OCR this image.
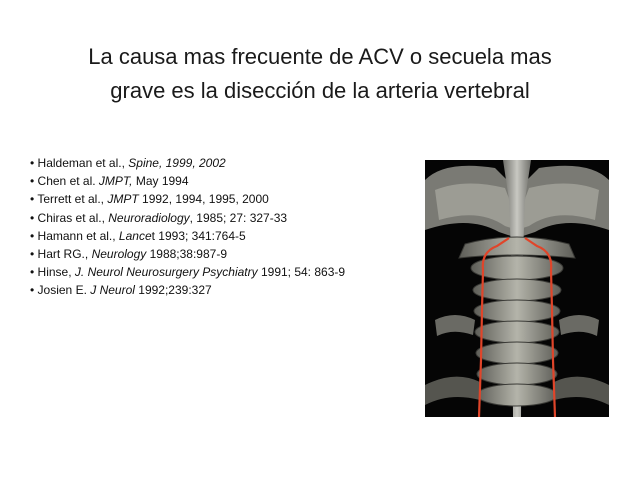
La causa mas frecuente de ACV o secuela mas
grave es la disección de la arteria vertebral
• Haldeman et al., Spine, 1999, 2002
• Chen et al. JMPT, May 1994
• Terrett et al., JMPT 1992, 1994, 1995, 2000
• Chiras et al., Neuroradiology, 1985; 27: 327-33
• Hamann et al., Lancet 1993; 341:764-5
• Hart RG., Neurology 1988;38:987-9
• Hinse, J. Neurol Neurosurgery Psychiatry 1991; 54: 863-9
• Josien E. J Neurol 1992;239:327
